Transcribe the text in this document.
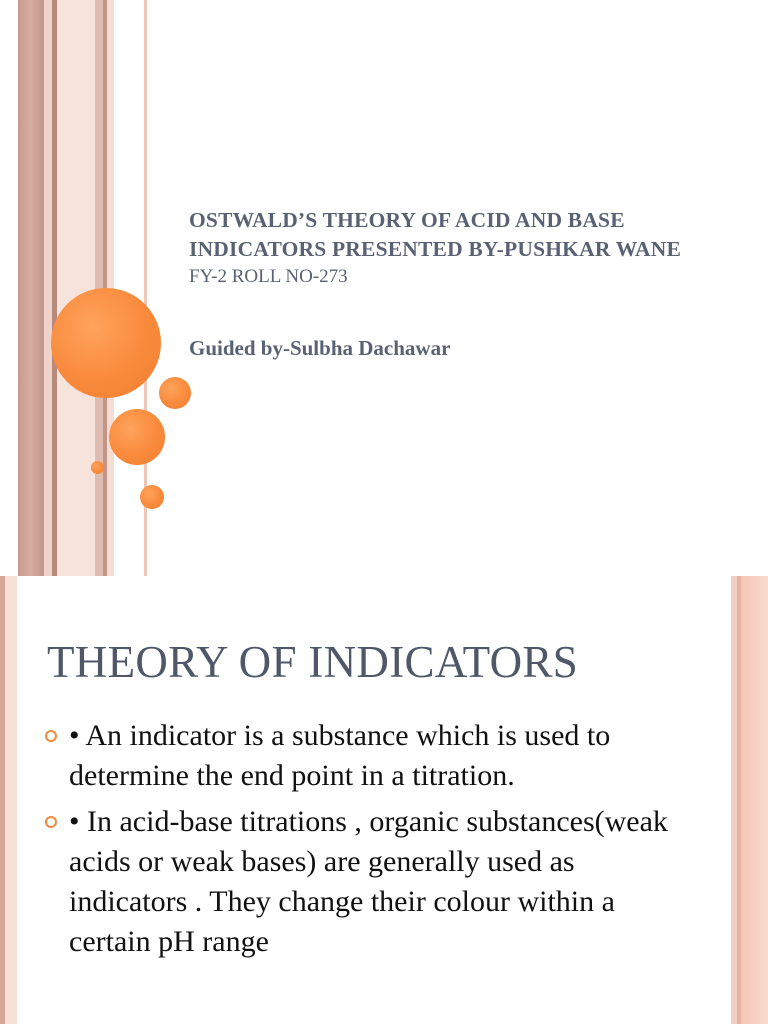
OSTWALD’S THEORY OF ACID AND BASE INDICATORS PRESENTED BY-PUSHKAR WANE

FY-2 ROLL NO-273

Guided by-Sulbha Dachawar

THEORY OF INDICATORS
• An indicator is a substance which is used to determine the end point in a titration.
• In acid-base titrations , organic substances(weak acids or weak bases) are generally used as indicators . They change their colour within a certain pH range
